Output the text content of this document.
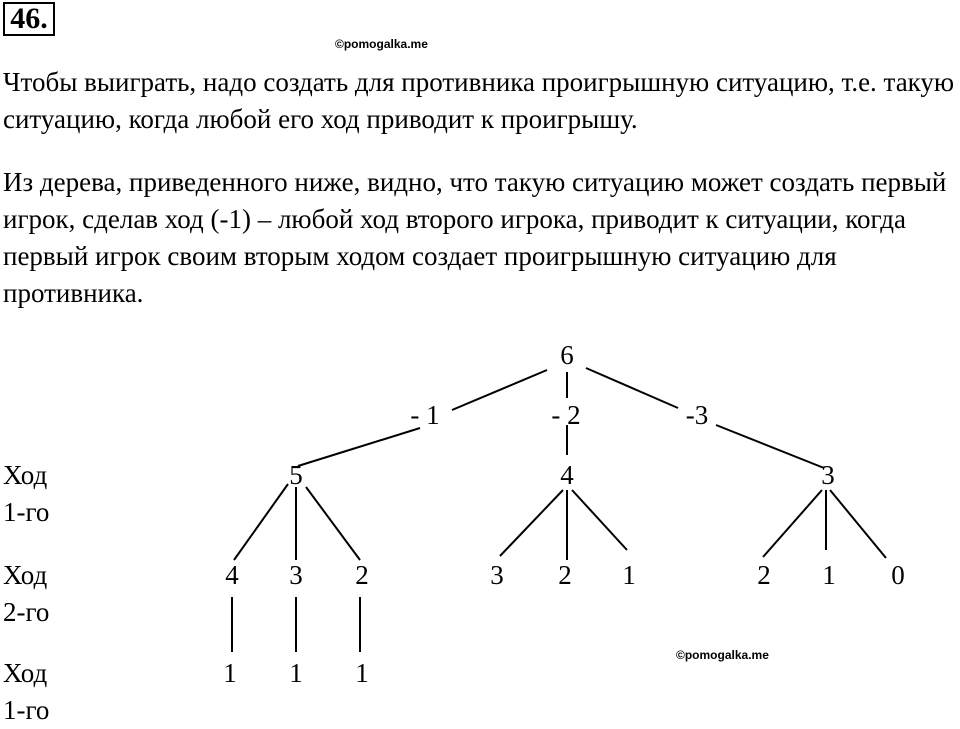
46.
©pomogalka.me
Чтобы выиграть, надо создать для противника проигрышную ситуацию, т.е. такую ситуацию, когда любой его ход приводит к проигрышу.
Из дерева, приведенного ниже, видно, что такую ситуацию может создать первый игрок, сделав ход (-1) – любой ход второго игрока, приводит к ситуации, когда первый игрок своим вторым ходом создает проигрышную ситуацию для противника.
6
- 1	- 2	-3
5	4	3
4 3 2	3 2 1	2 1 0
1 1 1
Ход
1-го
Ход
2-го
Ход
1-го
©pomogalka.me
